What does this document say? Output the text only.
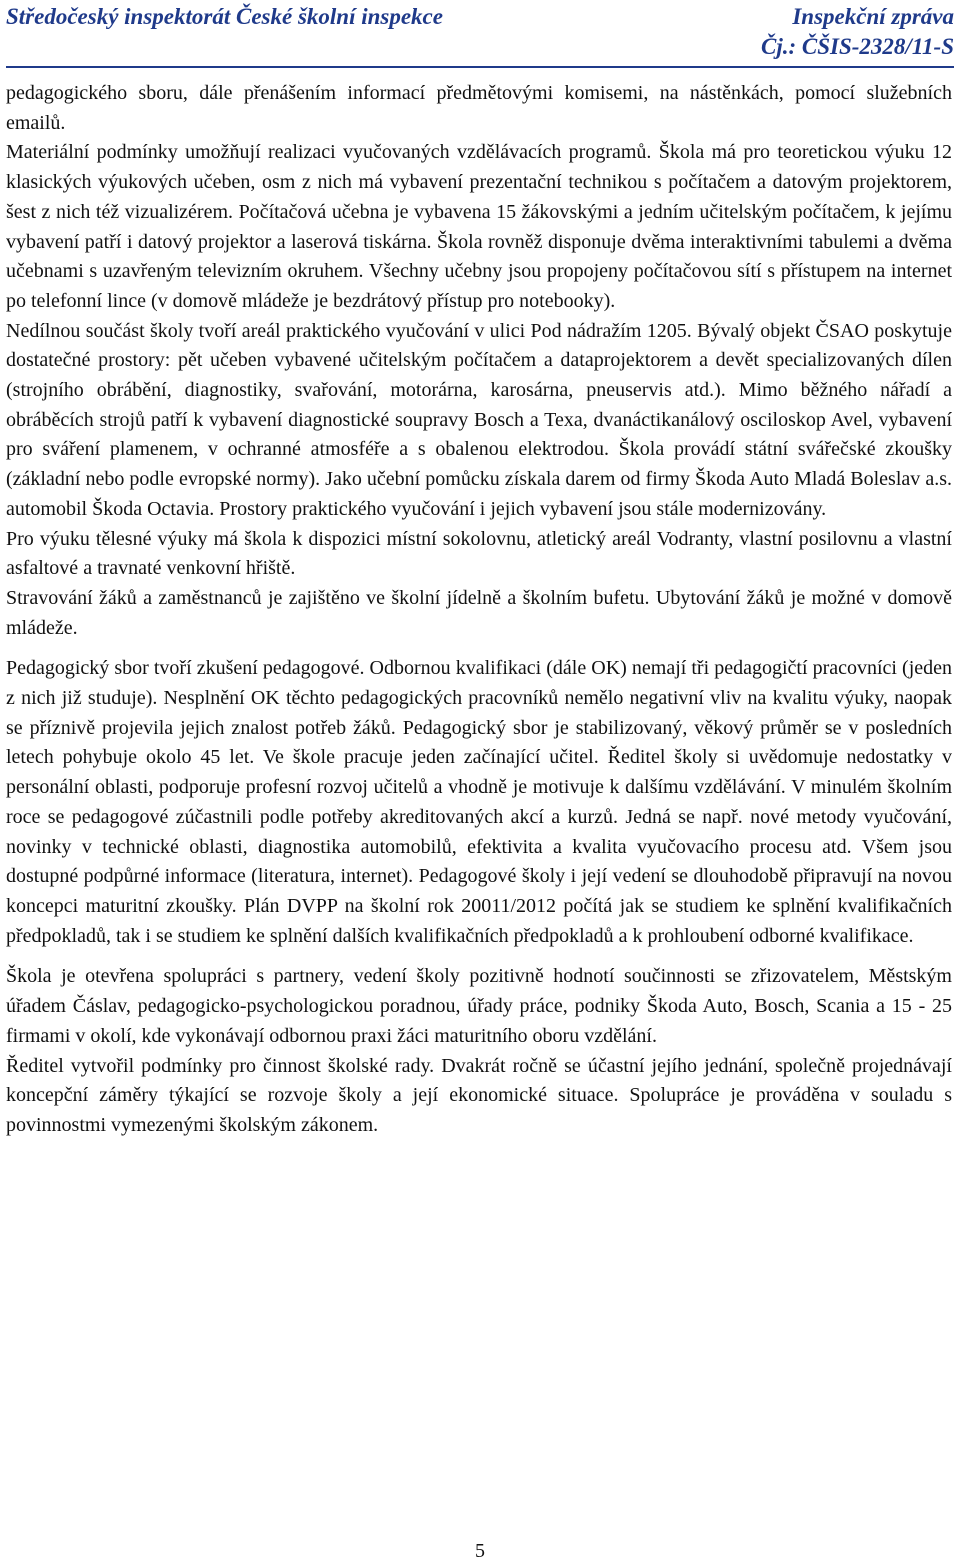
Středočeský inspektorát České školní inspekce	Inspekční zpráva
Čj.: ČŠIS-2328/11-S

pedagogického sboru, dále přenášením informací předmětovými komisemi, na nástěnkách, pomocí služebních emailů.

Materiální podmínky umožňují realizaci vyučovaných vzdělávacích programů. Škola má pro teoretickou výuku 12 klasických výukových učeben, osm z nich má vybavení prezentační technikou s počítačem a datovým projektorem, šest z nich též vizualizérem. Počítačová učebna je vybavena 15 žákovskými a jedním učitelským počítačem, k jejímu vybavení patří i datový projektor a laserová tiskárna. Škola rovněž disponuje dvěma interaktivními tabulemi a dvěma učebnami s uzavřeným televizním okruhem. Všechny učebny jsou propojeny počítačovou sítí s přístupem na internet po telefonní lince (v domově mládeže je bezdrátový přístup pro notebooky).

Nedílnou součást školy tvoří areál praktického vyučování v ulici Pod nádražím 1205. Bývalý objekt ČSAO poskytuje dostatečné prostory: pět učeben vybavené učitelským počítačem a dataprojektorem a devět specializovaných dílen (strojního obrábění, diagnostiky, svařování, motorárna, karosárna, pneuservis atd.). Mimo běžného nářadí a obráběcích strojů patří k vybavení diagnostické soupravy Bosch a Texa, dvanáctikanálový osciloskop Avel, vybavení pro sváření plamenem, v ochranné atmosféře a s obalenou elektrodou. Škola provádí státní svářečské zkoušky (základní nebo podle evropské normy). Jako učební pomůcku získala darem od firmy Škoda Auto Mladá Boleslav a.s. automobil Škoda Octavia. Prostory praktického vyučování i jejich vybavení jsou stále modernizovány.

Pro výuku tělesné výuky má škola k dispozici místní sokolovnu, atletický areál Vodranty, vlastní posilovnu a vlastní asfaltové a travnaté venkovní hřiště.

Stravování žáků a zaměstnanců je zajištěno ve školní jídelně a školním bufetu. Ubytování žáků je možné v domově mládeže.

Pedagogický sbor tvoří zkušení pedagogové. Odbornou kvalifikaci (dále OK) nemají tři pedagogičtí pracovníci (jeden z nich již studuje). Nesplnění OK těchto pedagogických pracovníků nemělo negativní vliv na kvalitu výuky, naopak se příznivě projevila jejich znalost potřeb žáků. Pedagogický sbor je stabilizovaný, věkový průměr se v posledních letech pohybuje okolo 45 let. Ve škole pracuje jeden začínající učitel. Ředitel školy si uvědomuje nedostatky v personální oblasti, podporuje profesní rozvoj učitelů a vhodně je motivuje k dalšímu vzdělávání. V minulém školním roce se pedagogové zúčastnili podle potřeby akreditovaných akcí a kurzů. Jedná se např. nové metody vyučování, novinky v technické oblasti, diagnostika automobilů, efektivita a kvalita vyučovacího procesu atd. Všem jsou dostupné podpůrné informace (literatura, internet). Pedagogové školy i její vedení se dlouhodobě připravují na novou koncepci maturitní zkoušky. Plán DVPP na školní rok 20011/2012 počítá jak se studiem ke splnění kvalifikačních předpokladů, tak i se studiem ke splnění dalších kvalifikačních předpokladů a k prohloubení odborné kvalifikace.

Škola je otevřena spolupráci s partnery, vedení školy pozitivně hodnotí součinnosti se zřizovatelem, Městským úřadem Čáslav, pedagogicko-psychologickou poradnou, úřady práce, podniky Škoda Auto, Bosch, Scania a 15 - 25 firmami v okolí, kde vykonávají odbornou praxi žáci maturitního oboru vzdělání.

Ředitel vytvořil podmínky pro činnost školské rady. Dvakrát ročně se účastní jejího jednání, společně projednávají koncepční záměry týkající se rozvoje školy a její ekonomické situace. Spolupráce je prováděna v souladu s povinnostmi vymezenými školským zákonem.

5
